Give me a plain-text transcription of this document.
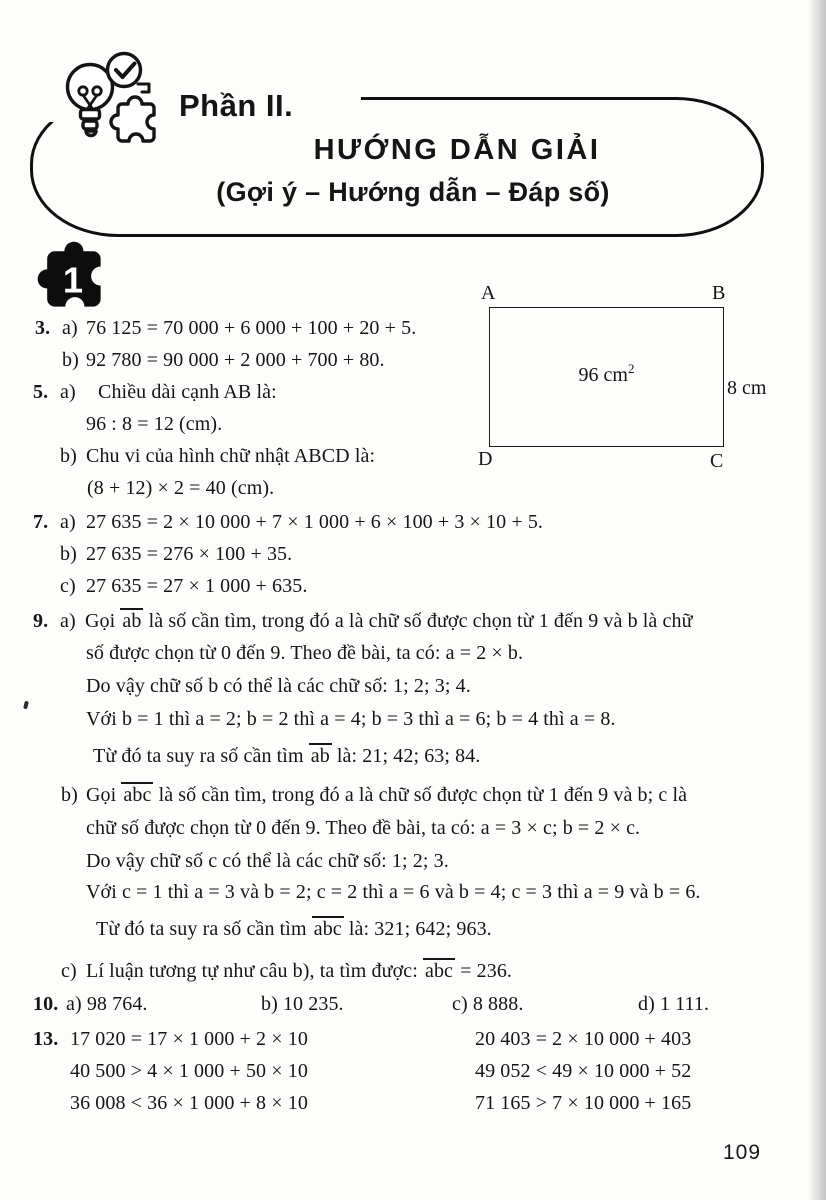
Phần II.
HƯỚNG DẪN GIẢI
(Gợi ý – Hướng dẫn – Đáp số)
1	A	B
D	C
96 $cm^2$
8 cm
3. a) 76 125 = 70 000 + 6 000 + 100 + 20 + 5.
b) 92 780 = 90 000 + 2 000 + 700 + 80.
5. a) Chiều dài cạnh AB là:
96 : 8 = 12 (cm).
b) Chu vi của hình chữ nhật ABCD là:
(8 + 12) × 2 = 40 (cm).
7. a) 27 635 = 2 × 10 000 + 7 × 1 000 + 6 × 100 + 3 × 10 + 5.
b) 27 635 = 276 × 100 + 35.
c) 27 635 = 27 × 1 000 + 635.
9. a) Gọi ab là số cần tìm, trong đó a là chữ số được chọn từ 1 đến 9 và b là chữ
số được chọn từ 0 đến 9. Theo đề bài, ta có: a = 2 × b.
Do vậy chữ số b có thể là các chữ số: 1; 2; 3; 4.
Với b = 1 thì a = 2; b = 2 thì a = 4; b = 3 thì a = 6; b = 4 thì a = 8.
Từ đó ta suy ra số cần tìm ab là: 21; 42; 63; 84.
b) Gọi abc là số cần tìm, trong đó a là chữ số được chọn từ 1 đến 9 và b; c là
chữ số được chọn từ 0 đến 9. Theo đề bài, ta có: a = 3 × c; b = 2 × c.
Do vậy chữ số c có thể là các chữ số: 1; 2; 3.
Với c = 1 thì a = 3 và b = 2; c = 2 thì a = 6 và b = 4; c = 3 thì a = 9 và b = 6.
Từ đó ta suy ra số cần tìm abc là: 321; 642; 963.
c) Lí luận tương tự như câu b), ta tìm được: abc = 236.
10. a) 98 764.	b) 10 235.	c) 8 888.	d) 1 111.
13. 17 020 = 17 × 1 000 + 2 × 10	20 403 = 2 × 10 000 + 403
40 500 > 4 × 1 000 + 50 × 10	49 052 < 49 × 10 000 + 52
36 008 < 36 × 1 000 + 8 × 10	71 165 > 7 × 10 000 + 165
109
